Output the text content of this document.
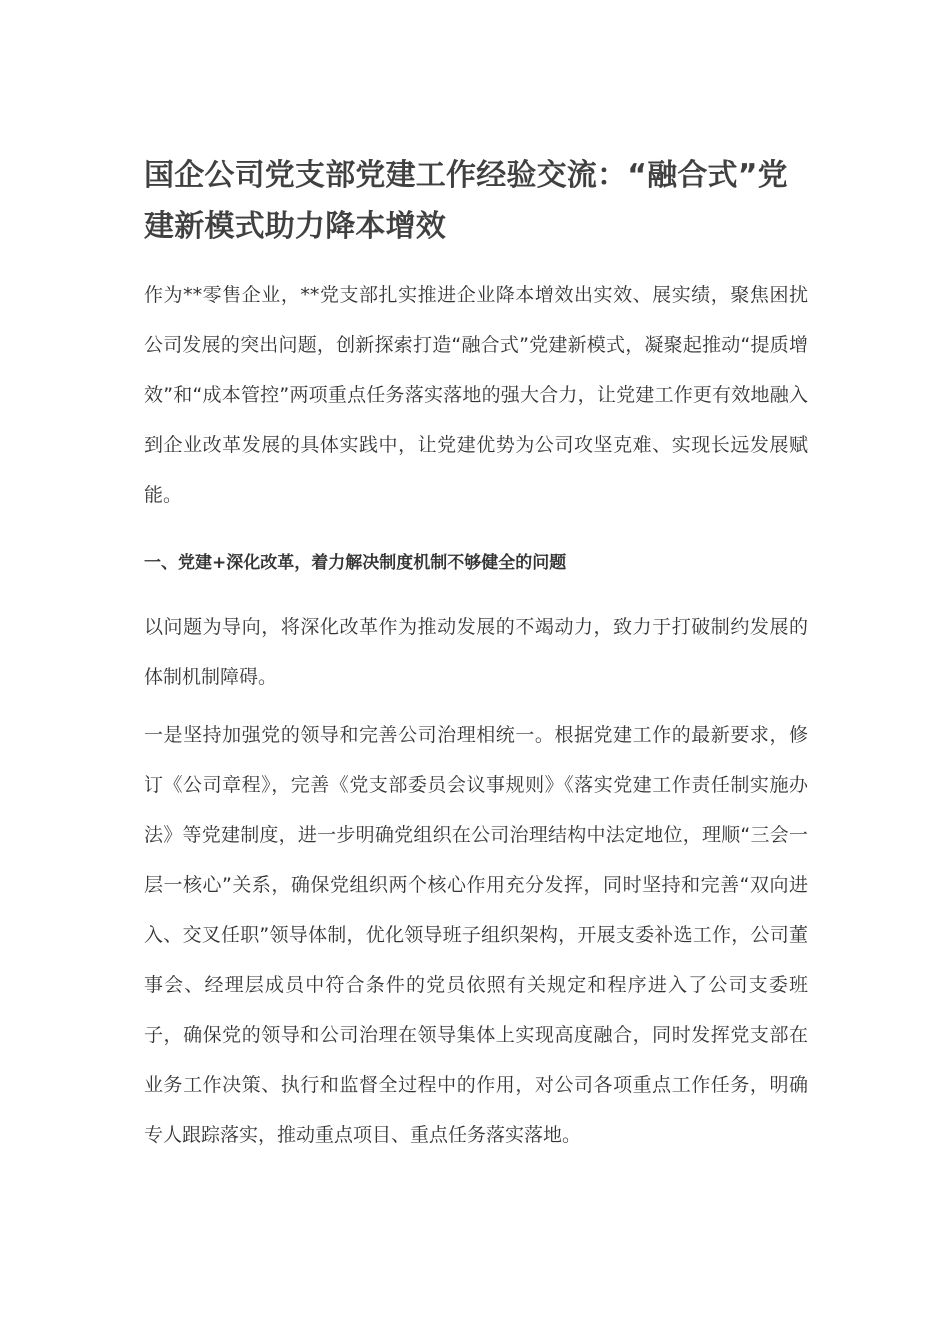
国企公司党支部党建工作经验交流：“融合式”党建新模式助力降本增效

作为**零售企业，**党支部扎实推进企业降本增效出实效、展实绩，聚焦困扰公司发展的突出问题，创新探索打造“融合式”党建新模式，凝聚起推动“提质增效”和“成本管控”两项重点任务落实落地的强大合力，让党建工作更有效地融入到企业改革发展的具体实践中，让党建优势为公司攻坚克难、实现长远发展赋能。

一、党建+深化改革，着力解决制度机制不够健全的问题

以问题为导向，将深化改革作为推动发展的不竭动力，致力于打破制约发展的体制机制障碍。

一是坚持加强党的领导和完善公司治理相统一。根据党建工作的最新要求，修订《公司章程》，完善《党支部委员会议事规则》《落实党建工作责任制实施办法》等党建制度，进一步明确党组织在公司治理结构中法定地位，理顺“三会一层一核心”关系，确保党组织两个核心作用充分发挥，同时坚持和完善“双向进入、交叉任职”领导体制，优化领导班子组织架构，开展支委补选工作，公司董事会、经理层成员中符合条件的党员依照有关规定和程序进入了公司支委班子，确保党的领导和公司治理在领导集体上实现高度融合，同时发挥党支部在业务工作决策、执行和监督全过程中的作用，对公司各项重点工作任务，明确专人跟踪落实，推动重点项目、重点任务落实落地。
